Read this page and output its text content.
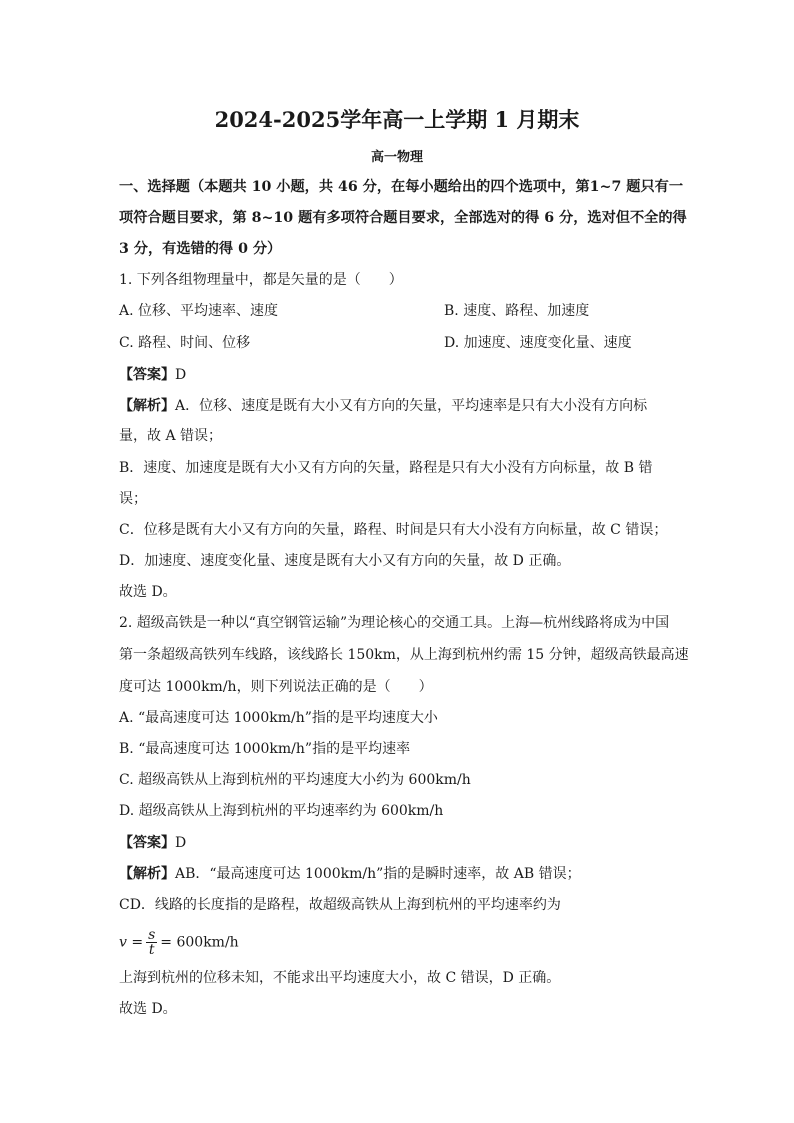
2024-2025学年高一上学期 1 月期末
高一物理
一、选择题（本题共 10 小题，共 46 分，在每小题给出的四个选项中，第1~7 题只有一
项符合题目要求，第 8~10 题有多项符合题目要求，全部选对的得 6 分，选对但不全的得
3 分，有选错的得 0 分）
1. 下列各组物理量中，都是矢量的是（　　）
A. 位移、平均速率、速度	B. 速度、路程、加速度
C. 路程、时间、位移	D. 加速度、速度变化量、速度
【答案】D
【解析】A．位移、速度是既有大小又有方向的矢量，平均速率是只有大小没有方向标
量，故 A 错误；
B．速度、加速度是既有大小又有方向的矢量，路程是只有大小没有方向标量，故 B 错
误；
C．位移是既有大小又有方向的矢量，路程、时间是只有大小没有方向标量，故 C 错误；
D．加速度、速度变化量、速度是既有大小又有方向的矢量，故 D 正确。
故选 D。
2. 超级高铁是一种以“真空钢管运输”为理论核心的交通工具。上海—杭州线路将成为中国
第一条超级高铁列车线路，该线路长 150km，从上海到杭州约需 15 分钟，超级高铁最高速
度可达 1000km/h，则下列说法正确的是（　　）
A. “最高速度可达 1000km/h”指的是平均速度大小
B. “最高速度可达 1000km/h”指的是平均速率
C. 超级高铁从上海到杭州的平均速度大小约为 600km/h
D. 超级高铁从上海到杭州的平均速率约为 600km/h
【答案】D
【解析】AB．“最高速度可达 1000km/h”指的是瞬时速率，故 AB 错误；
CD．线路的长度指的是路程，故超级高铁从上海到杭州的平均速率约为
$v = \frac{s}{t} = 600km/h$
上海到杭州的位移未知，不能求出平均速度大小，故 C 错误，D 正确。
故选 D。
